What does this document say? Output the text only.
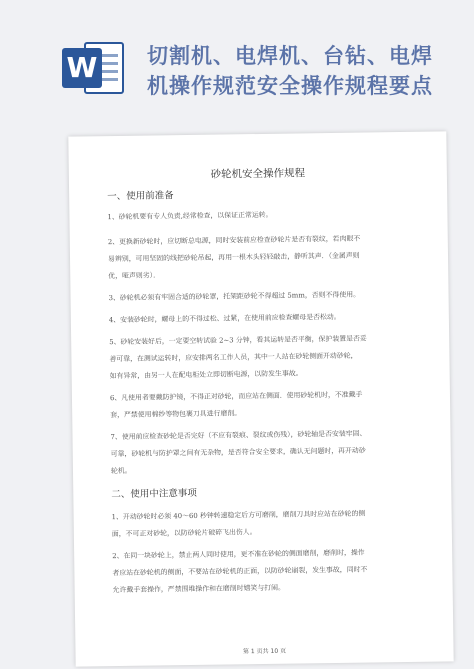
W 切割机、电焊机、台钻、电焊
机操作规范安全操作规程要点
砂轮机安全操作规程
一、使用前准备
1、砂轮机要有专人负责,经常检查，以保证正常运转。
2、更换新砂轮时，应切断总电源，同时安装前应检查砂轮片是否有裂纹，若肉眼不
易辨别，可用坚固的线把砂轮吊起，再用一根木头轻轻敲击，静听其声．（金属声则
优，哑声则劣）．
3、砂轮机必须有牢固合适的砂轮罩，托架距砂轮不得超过 5mm，否则不得使用。
4、安装砂轮时，螺母上的不得过松、过紧，在使用前应检查螺母是否松动。
5、砂轮安装好后，一定要空转试验 2~3 分钟，看其运转是否平衡，保护装置是否妥
善可靠，在测试运转时，应安排两名工作人员，其中一人站在砂轮侧面开动砂轮，
如有异常，由另一人在配电柜处立即切断电源，以防发生事故。
6、凡使用者要戴防护镜，不得正对砂轮，而应站在侧面．使用砂轮机时，不准戴手
套，严禁使用棉纱等物包裹刀具进行磨削。
7、使用前应检查砂轮是否完好（不应有裂痕、裂纹或伤残），砂轮轴是否安装牢固、
可靠，砂轮机与防护罩之间有无杂物，是否符合安全要求，确认无问题时，再开动砂
轮机。
二、使用中注意事项
1、开动砂轮时必须 40～60 秒钟转速稳定后方可磨削，磨削刀具时应站在砂轮的侧
面，不可正对砂轮，以防砂轮片破碎飞出伤人。
2、在同一块砂轮上，禁止两人同时使用，更不准在砂轮的侧面磨削，磨削时，操作
者应站在砂轮机的侧面，不要站在砂轮机的正面，以防砂轮崩裂，发生事故，同时不
允许戴手套操作，严禁围堆操作和在磨削时嬉笑与打闹。
第 1 页共 10 页
